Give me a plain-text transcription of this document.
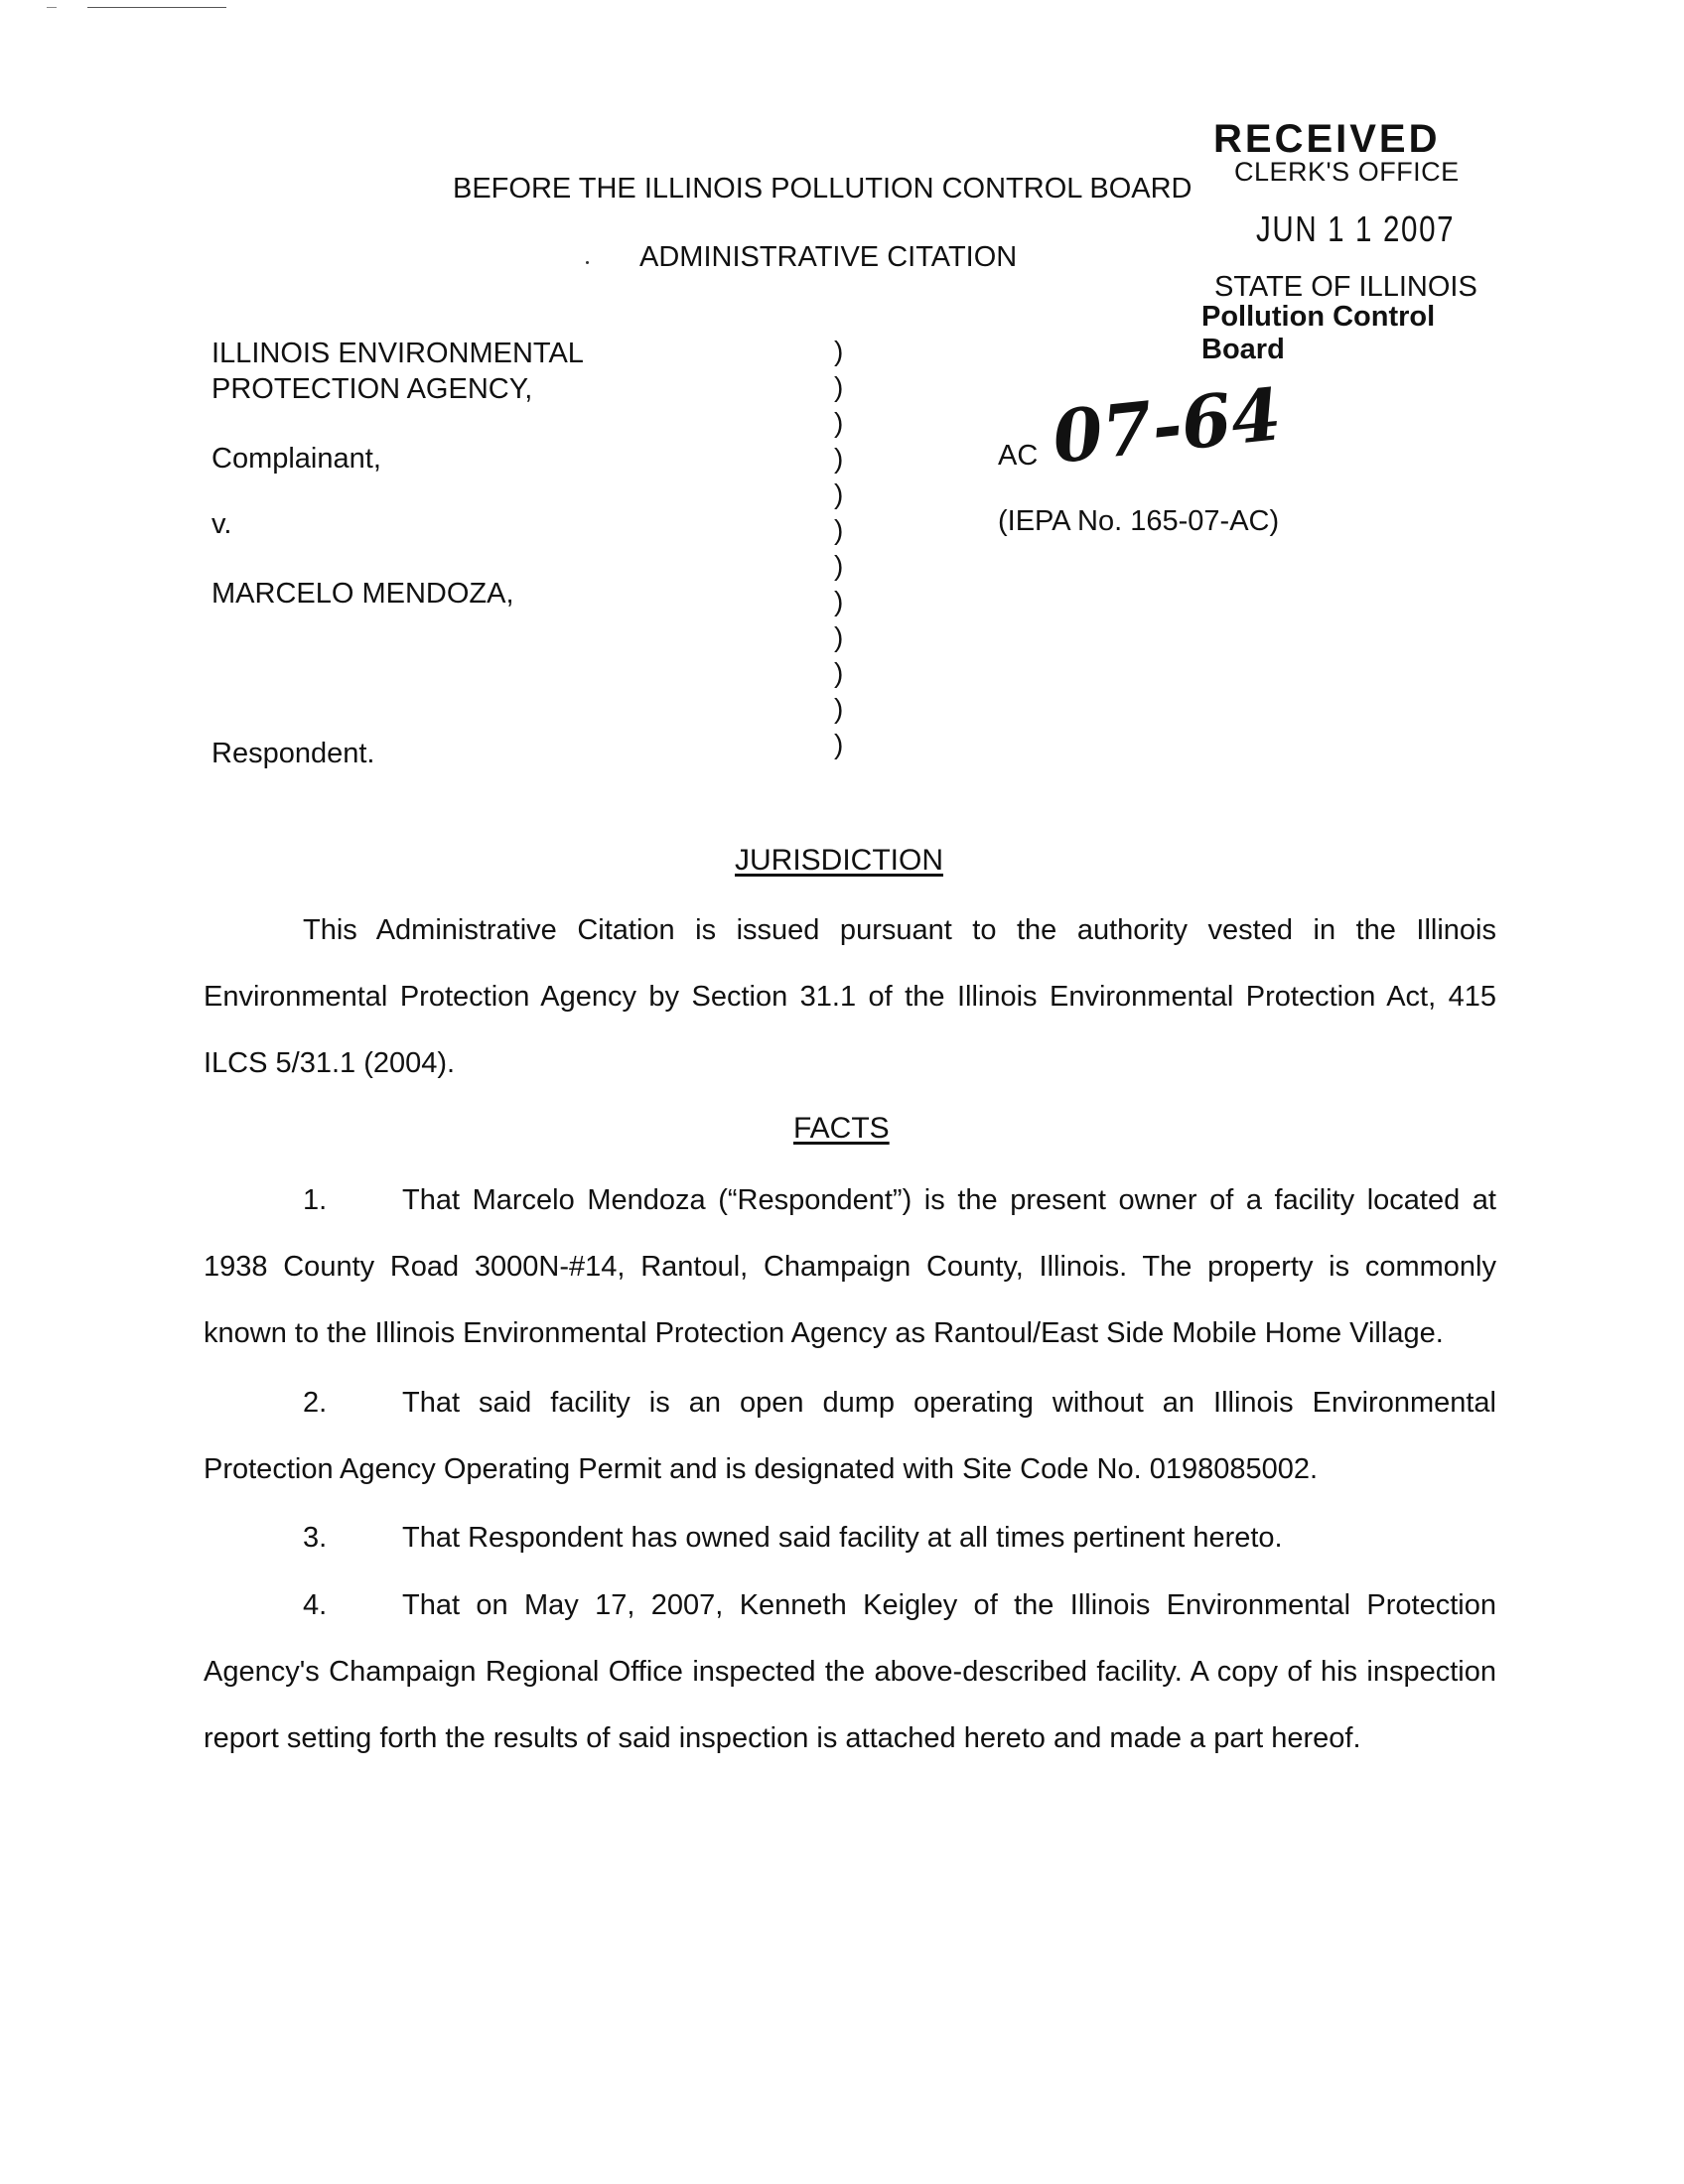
RECEIVED
CLERK'S OFFICE
JUN 1 1 2007
STATE OF ILLINOIS
Pollution Control Board
BEFORE THE ILLINOIS POLLUTION CONTROL BOARD
ADMINISTRATIVE CITATION
ILLINOIS ENVIRONMENTAL
PROTECTION AGENCY,
Complainant,
v.
MARCELO MENDOZA,
Respondent.
)
)
)
)
)
)
)
)
)
)
)
)
AC 07-64
(IEPA No. 165-07-AC)
JURISDICTION
This Administrative Citation is issued pursuant to the authority vested in the Illinois Environmental Protection Agency by Section 31.1 of the Illinois Environmental Protection Act, 415 ILCS 5/31.1 (2004).
FACTS
1.	That Marcelo Mendoza (“Respondent”) is the present owner of a facility located at 1938 County Road 3000N-#14, Rantoul, Champaign County, Illinois. The property is commonly known to the Illinois Environmental Protection Agency as Rantoul/East Side Mobile Home Village.
2.	That said facility is an open dump operating without an Illinois Environmental Protection Agency Operating Permit and is designated with Site Code No. 0198085002.
3.	That Respondent has owned said facility at all times pertinent hereto.
4.	That on May 17, 2007, Kenneth Keigley of the Illinois Environmental Protection Agency's Champaign Regional Office inspected the above-described facility. A copy of his inspection report setting forth the results of said inspection is attached hereto and made a part hereof.
